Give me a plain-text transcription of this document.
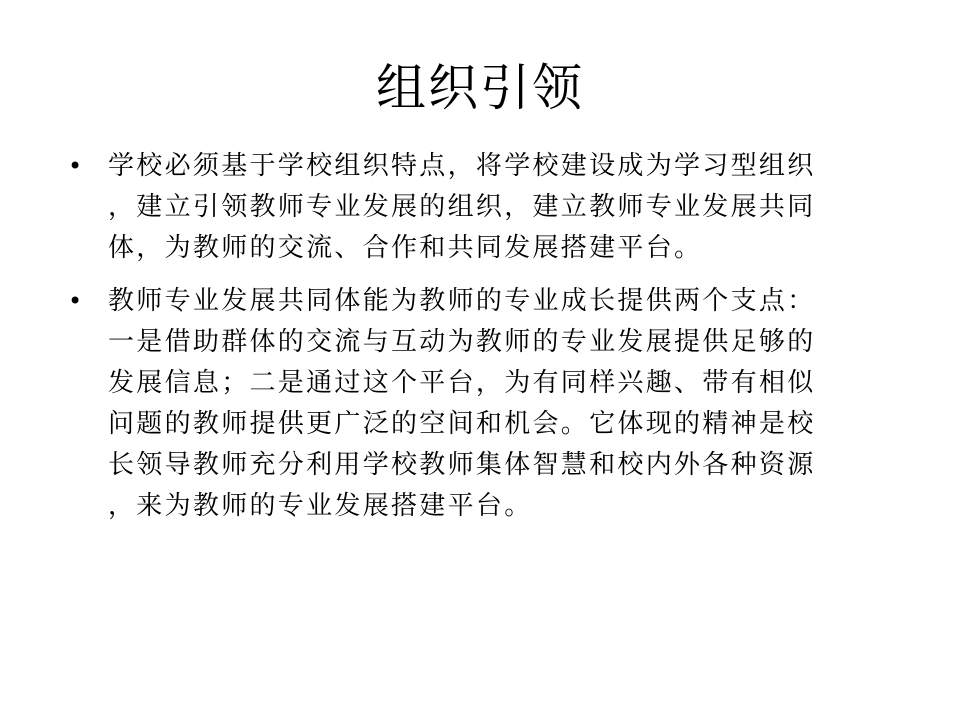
组织引领
• 学校必须基于学校组织特点，将学校建设成为学习型组织
，建立引领教师专业发展的组织，建立教师专业发展共同
体，为教师的交流、合作和共同发展搭建平台。
• 教师专业发展共同体能为教师的专业成长提供两个支点：
一是借助群体的交流与互动为教师的专业发展提供足够的
发展信息；二是通过这个平台，为有同样兴趣、带有相似
问题的教师提供更广泛的空间和机会。它体现的精神是校
长领导教师充分利用学校教师集体智慧和校内外各种资源
，来为教师的专业发展搭建平台。
